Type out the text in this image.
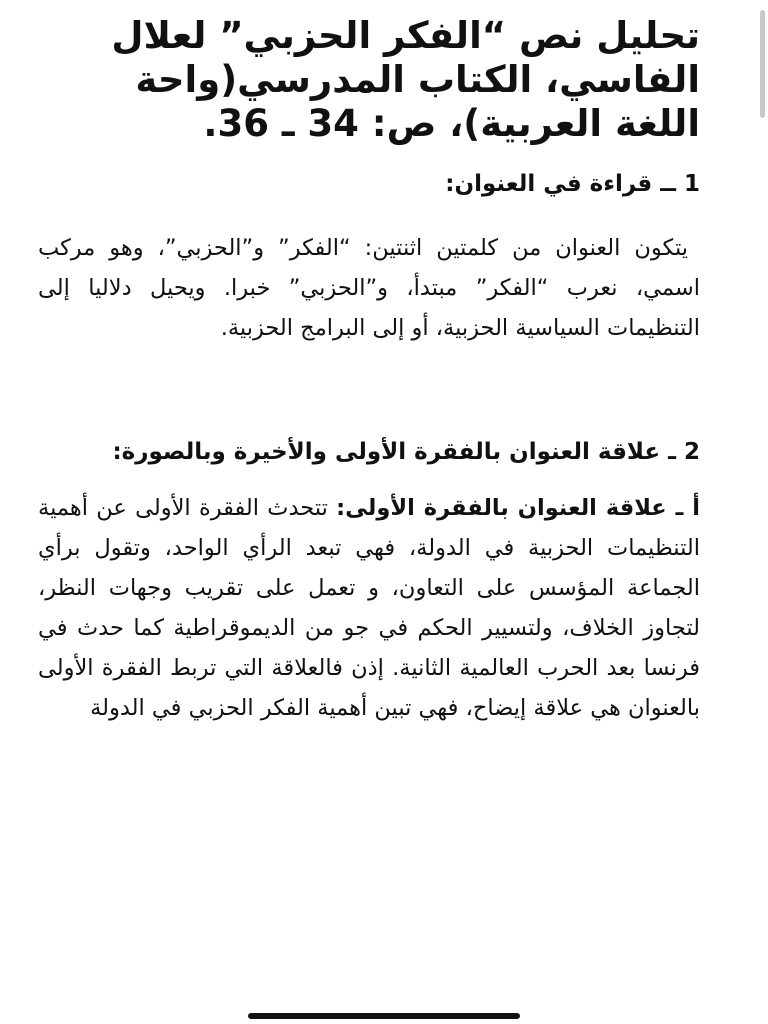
تحليل نص “الفكر الحزبي” لعلال الفاسي، الكتاب المدرسي(واحة اللغة العربية)، ص: 34 ـ 36.
1 ــ قراءة في العنوان:

يتكون العنوان من كلمتين اثنتين: “الفكر” و”الحزبي”، وهو مركب اسمي، نعرب “الفكر” مبتدأ، و”الحزبي” خبرا. ويحيل دلاليا إلى التنظيمات السياسية الحزبية، أو إلى البرامج الحزبية.

2 ـ علاقة العنوان بالفقرة الأولى والأخيرة وبالصورة:

أ ـ علاقة العنوان بالفقرة الأولى: تتحدث الفقرة الأولى عن أهمية التنظيمات الحزبية في الدولة، فهي تبعد الرأي الواحد، وتقول برأي الجماعة المؤسس على التعاون، و تعمل على تقريب وجهات النظر، لتجاوز الخلاف، ولتسيير الحكم في جو من الديموقراطية كما حدث في فرنسا بعد الحرب العالمية الثانية. إذن فالعلاقة التي تربط الفقرة الأولى بالعنوان هي علاقة إيضاح، فهي تبين أهمية الفكر الحزبي في الدولة
